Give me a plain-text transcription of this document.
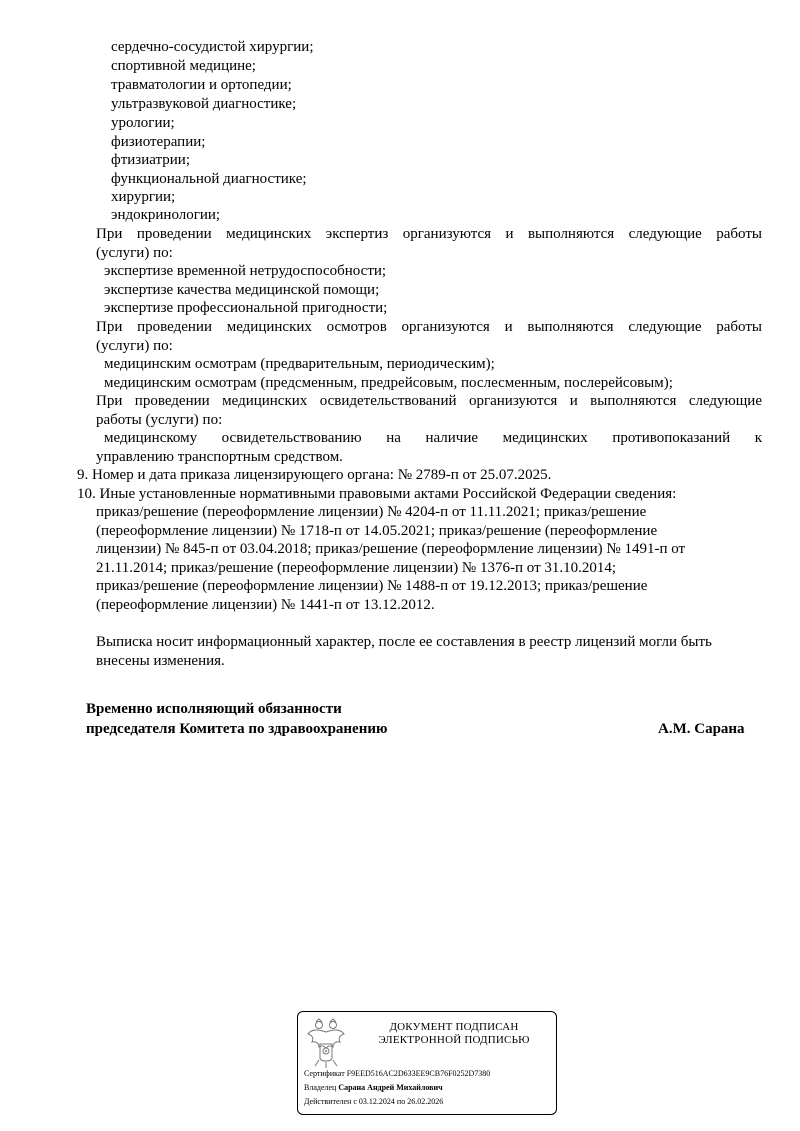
сердечно-сосудистой хирургии;
спортивной медицине;
травматологии и ортопедии;
ультразвуковой диагностике;
урологии;
физиотерапии;
фтизиатрии;
функциональной диагностике;
хирургии;
эндокринологии;
При проведении медицинских экспертиз организуются и выполняются следующие работы
(услуги) по:
экспертизе временной нетрудоспособности;
экспертизе качества медицинской помощи;
экспертизе профессиональной пригодности;
При проведении медицинских осмотров организуются и выполняются следующие работы
(услуги) по:
медицинским осмотрам (предварительным, периодическим);
медицинским осмотрам (предсменным, предрейсовым, послесменным, послерейсовым);
При проведении медицинских освидетельствований организуются и выполняются следующие
работы (услуги) по:
медицинскому освидетельствованию на наличие медицинских противопоказаний к
управлению транспортным средством.
9. Номер и дата приказа лицензирующего органа: № 2789-п от 25.07.2025.
10. Иные установленные нормативными правовыми актами Российской Федерации сведения:
приказ/решение (переоформление лицензии) № 4204-п от 11.11.2021; приказ/решение
(переоформление лицензии) № 1718-п от 14.05.2021; приказ/решение (переоформление
лицензии) № 845-п от 03.04.2018; приказ/решение (переоформление лицензии) № 1491-п от
21.11.2014; приказ/решение (переоформление лицензии) № 1376-п от 31.10.2014;
приказ/решение (переоформление лицензии) № 1488-п от 19.12.2013; приказ/решение
(переоформление лицензии) № 1441-п от 13.12.2012.
Выписка носит информационный характер, после ее составления в реестр лицензий могли быть
внесены изменения.
Временно исполняющий обязанности
председателя Комитета по здравоохранению	А.М. Сарана
ДОКУМЕНТ ПОДПИСАН
ЭЛЕКТРОННОЙ ПОДПИСЬЮ
Сертификат F9EED516AC2D633EE9CB76F0252D7380
Владелец Сарана Андрей Михайлович
Действителен с 03.12.2024 по 26.02.2026
